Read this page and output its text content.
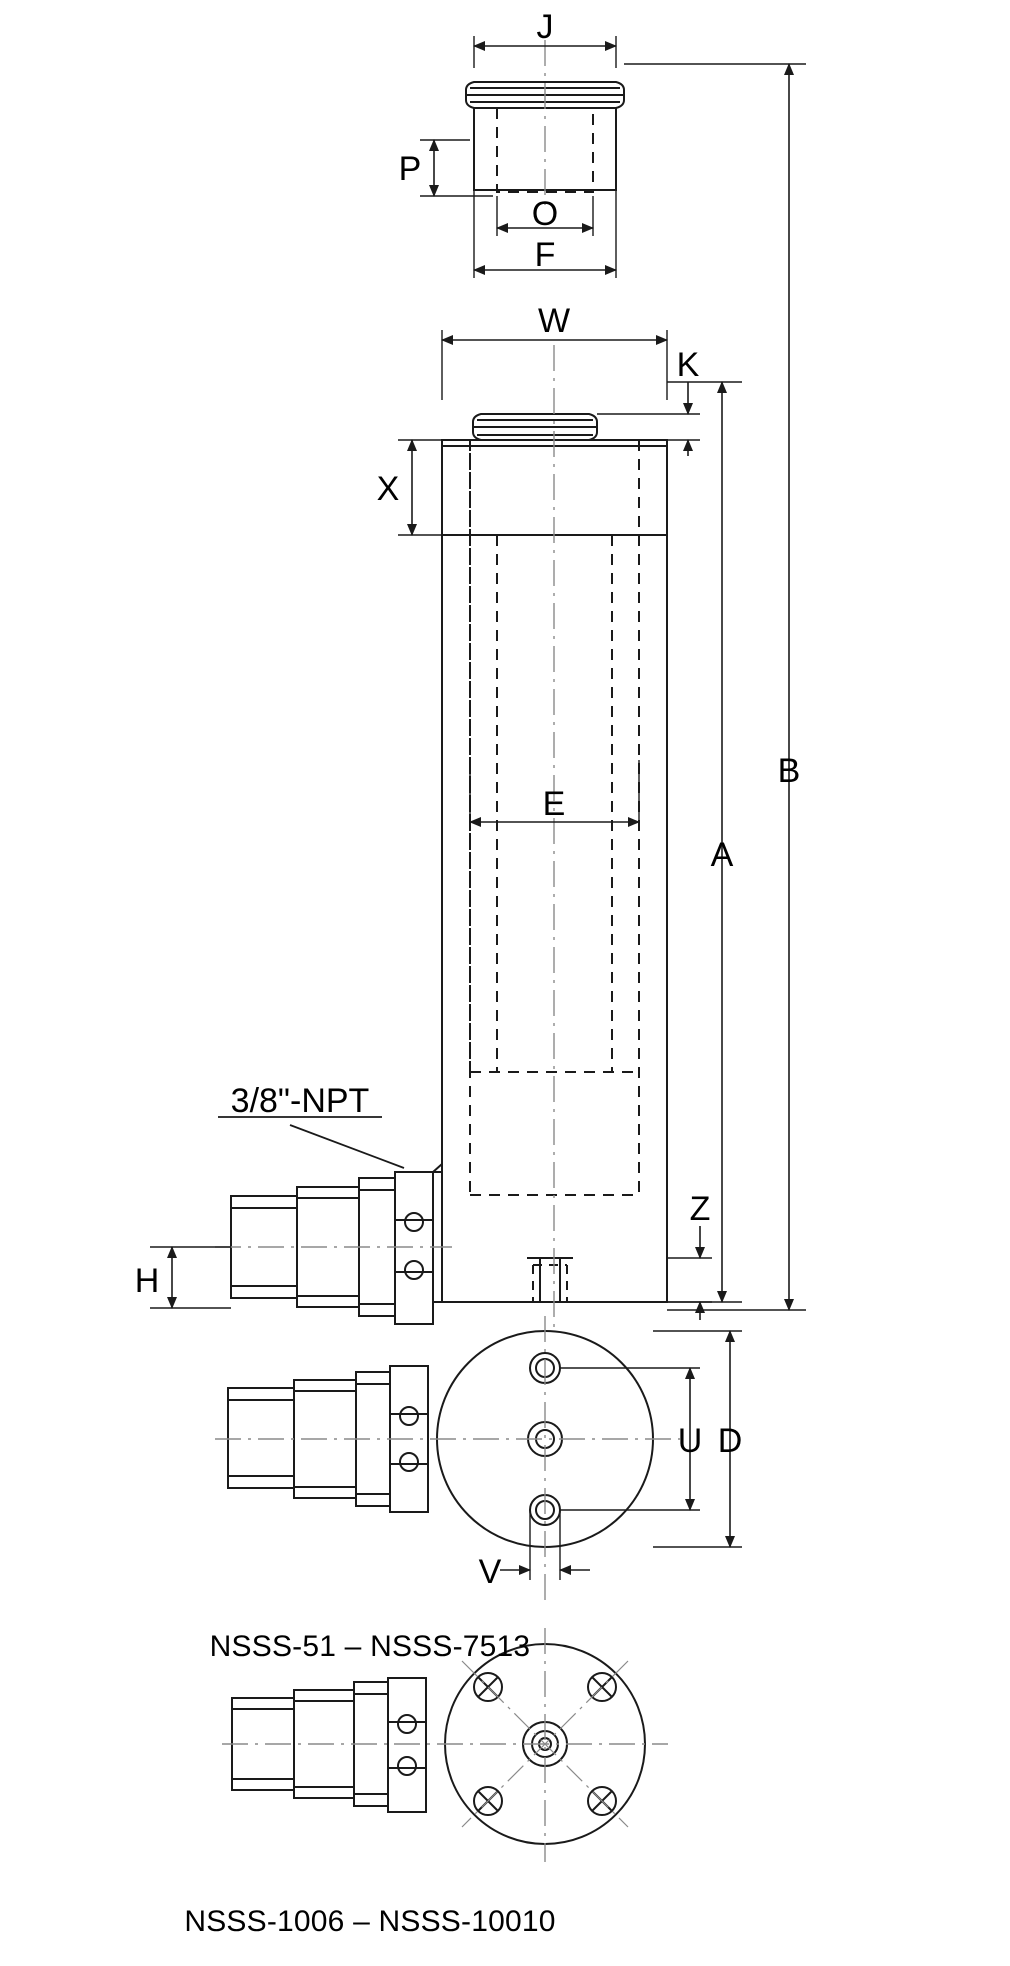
J
P
O
F
W
K
X
E
A
B
H
Z
U D
V
3/8"-NPT
NSSS-51 – NSSS-7513
NSSS-1006 – NSSS-10010
